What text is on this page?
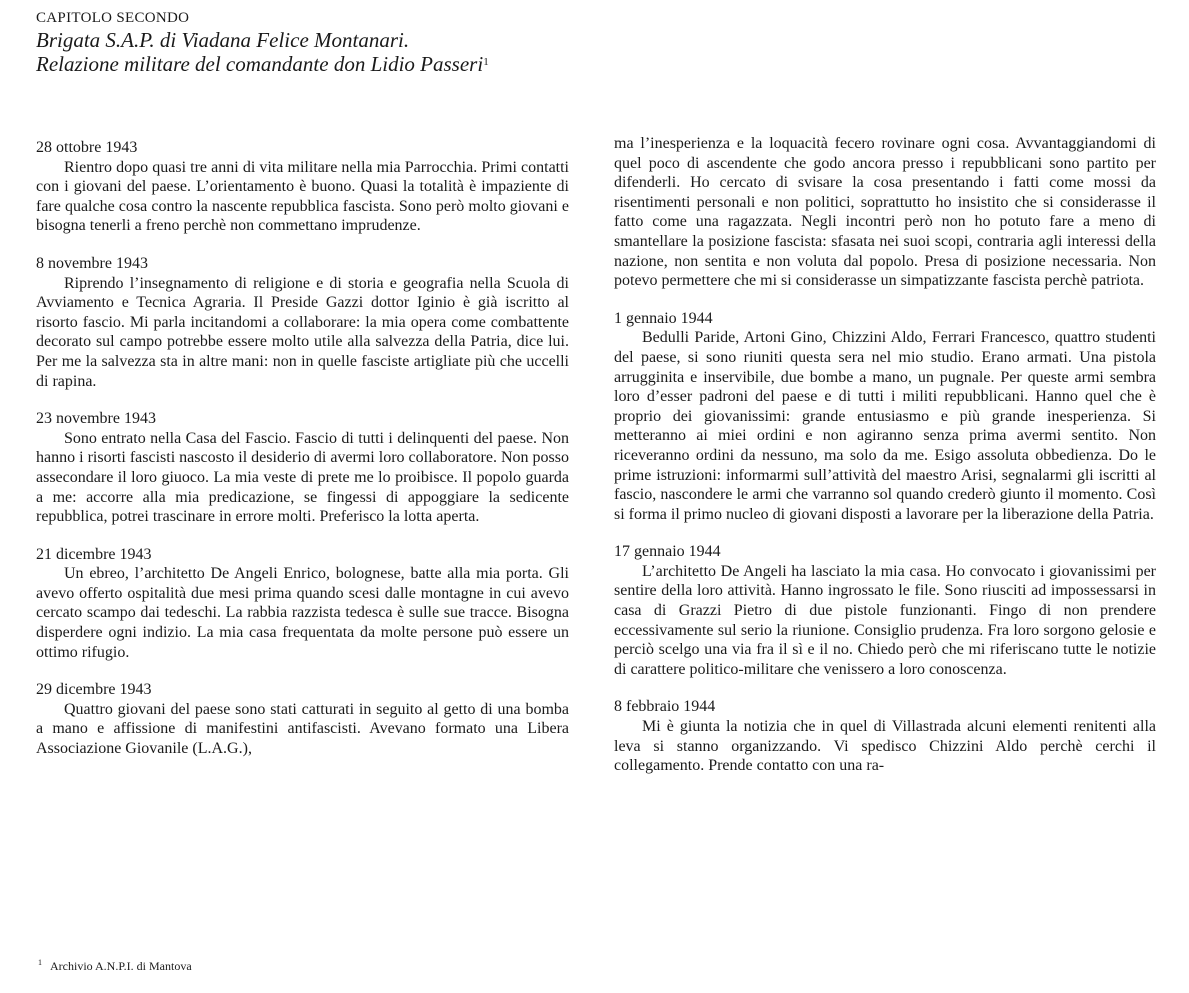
CAPITOLO SECONDO
Brigata S.A.P. di Viadana Felice Montanari.
Relazione militare del comandante don Lidio Passeri$^1$
28 ottobre 1943
Rientro dopo quasi tre anni di vita militare nella mia Parrocchia. Primi contatti con i giovani del paese. L’orientamento è buono. Quasi la totalità è impaziente di fare qualche cosa contro la nascente repubblica fascista. Sono però molto giovani e bisogna tenerli a freno perchè non commettano imprudenze.
8 novembre 1943
Riprendo l’insegnamento di religione e di storia e geografia nella Scuola di Avviamento e Tecnica Agraria. Il Preside Gazzi dottor Iginio è già iscritto al risorto fascio. Mi parla incitandomi a collaborare: la mia opera come combattente decorato sul campo potrebbe essere molto utile alla salvezza della Patria, dice lui. Per me la salvezza sta in altre mani: non in quelle fasciste artigliate più che uccelli di rapina.
23 novembre 1943
Sono entrato nella Casa del Fascio. Fascio di tutti i delinquenti del paese. Non hanno i risorti fascisti nascosto il desiderio di avermi loro collaboratore. Non posso assecondare il loro giuoco. La mia veste di prete me lo proibisce. Il popolo guarda a me: accorre alla mia predicazione, se fingessi di appoggiare la sedicente repubblica, potrei trascinare in errore molti. Preferisco la lotta aperta.
21 dicembre 1943
Un ebreo, l’architetto De Angeli Enrico, bolognese, batte alla mia porta. Gli avevo offerto ospitalità due mesi prima quando scesi dalle montagne in cui avevo cercato scampo dai tedeschi. La rabbia razzista tedesca è sulle sue tracce. Bisogna disperdere ogni indizio. La mia casa frequentata da molte persone può essere un ottimo rifugio.
29 dicembre 1943
Quattro giovani del paese sono stati catturati in seguito al getto di una bomba a mano e affissione di manifestini antifascisti. Avevano formato una Libera Associazione Giovanile (L.A.G.),
ma l’inesperienza e la loquacità fecero rovinare ogni cosa. Avvantaggiandomi di quel poco di ascendente che godo ancora presso i repubblicani sono partito per difenderli. Ho cercato di svisare la cosa presentando i fatti come mossi da risentimenti personali e non politici, soprattutto ho insistito che si considerasse il fatto come una ragazzata. Negli incontri però non ho potuto fare a meno di smantellare la posizione fascista: sfasata nei suoi scopi, contraria agli interessi della nazione, non sentita e non voluta dal popolo. Presa di posizione necessaria. Non potevo permettere che mi si considerasse un simpatizzante fascista perchè patriota.
1 gennaio 1944
Bedulli Paride, Artoni Gino, Chizzini Aldo, Ferrari Francesco, quattro studenti del paese, si sono riuniti questa sera nel mio studio. Erano armati. Una pistola arrugginita e inservibile, due bombe a mano, un pugnale. Per queste armi sembra loro d’esser padroni del paese e di tutti i militi repubblicani. Hanno quel che è proprio dei giovanissimi: grande entusiasmo e più grande inesperienza. Si metteranno ai miei ordini e non agiranno senza prima avermi sentito. Non riceveranno ordini da nessuno, ma solo da me. Esigo assoluta obbedienza. Do le prime istruzioni: informarmi sull’attività del maestro Arisi, segnalarmi gli iscritti al fascio, nascondere le armi che varranno sol quando crederò giunto il momento. Così si forma il primo nucleo di giovani disposti a lavorare per la liberazione della Patria.
17 gennaio 1944
L’architetto De Angeli ha lasciato la mia casa. Ho convocato i giovanissimi per sentire della loro attività. Hanno ingrossato le file. Sono riusciti ad impossessarsi in casa di Grazzi Pietro di due pistole funzionanti. Fingo di non prendere eccessivamente sul serio la riunione. Consiglio prudenza. Fra loro sorgono gelosie e perciò scelgo una via fra il sì e il no. Chiedo però che mi riferiscano tutte le notizie di carattere politico-militare che venissero a loro conoscenza.
8 febbraio 1944
Mi è giunta la notizia che in quel di Villastrada alcuni elementi renitenti alla leva si stanno organizzando. Vi spedisco Chizzini Aldo perchè cerchi il collegamento. Prende contatto con una ra-
$^1$ Archivio A.N.P.I. di Mantova
